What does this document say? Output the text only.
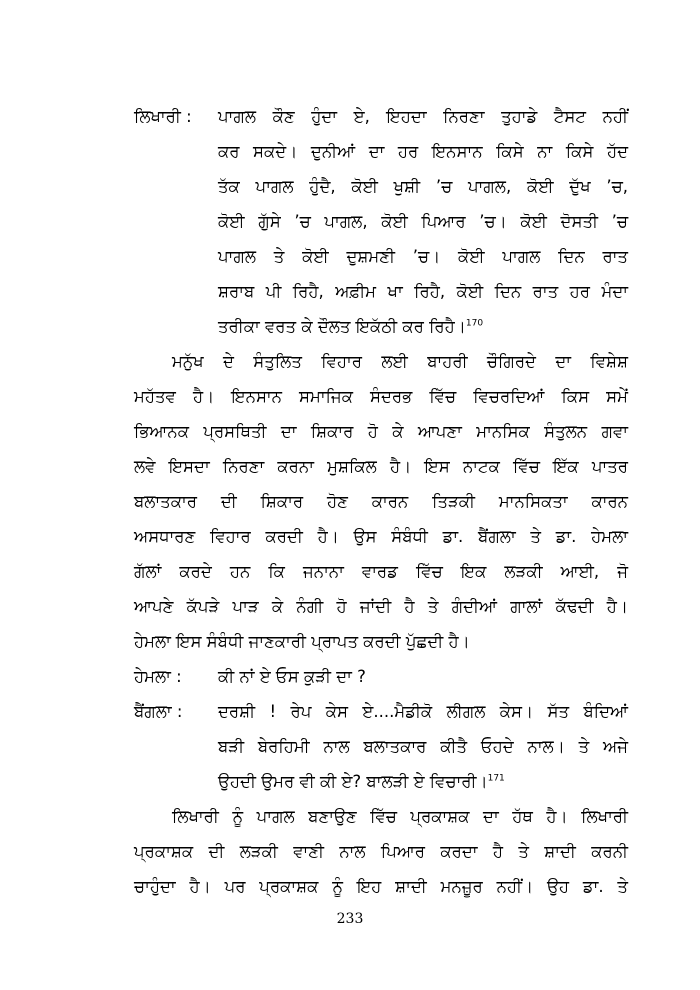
ਲਿਖਾਰੀ : ਪਾਗਲ ਕੌਣ ਹੁੰਦਾ ਏ, ਇਹਦਾ ਨਿਰਣਾ ਤੁਹਾਡੇ ਟੈਸਟ ਨਹੀਂ
ਕਰ ਸਕਦੇ। ਦੁਨੀਆਂ ਦਾ ਹਰ ਇਨਸਾਨ ਕਿਸੇ ਨਾ ਕਿਸੇ ਹੱਦ
ਤੱਕ ਪਾਗਲ ਹੁੰਦੈ, ਕੋਈ ਖੁਸ਼ੀ ’ਚ ਪਾਗਲ, ਕੋਈ ਦੁੱਖ ’ਚ,
ਕੋਈ ਗੁੱਸੇ ’ਚ ਪਾਗਲ, ਕੋਈ ਪਿਆਰ ’ਚ। ਕੋਈ ਦੋਸਤੀ ’ਚ
ਪਾਗਲ ਤੇ ਕੋਈ ਦੁਸ਼ਮਣੀ ’ਚ। ਕੋਈ ਪਾਗਲ ਦਿਨ ਰਾਤ
ਸ਼ਰਾਬ ਪੀ ਰਿਹੈ, ਅਫ਼ੀਮ ਖਾ ਰਿਹੈ, ਕੋਈ ਦਿਨ ਰਾਤ ਹਰ ਮੰਦਾ
ਤਰੀਕਾ ਵਰਤ ਕੇ ਦੌਲਤ ਇਕੱਠੀ ਕਰ ਰਿਹੈ।$^{170}$
ਮਨੁੱਖ ਦੇ ਸੰਤੁਲਿਤ ਵਿਹਾਰ ਲਈ ਬਾਹਰੀ ਚੌਗਿਰਦੇ ਦਾ ਵਿਸ਼ੇਸ਼
ਮਹੱਤਵ ਹੈ। ਇਨਸਾਨ ਸਮਾਜਿਕ ਸੰਦਰਭ ਵਿੱਚ ਵਿਚਰਦਿਆਂ ਕਿਸ ਸਮੇਂ
ਭਿਆਨਕ ਪ੍ਰਸਥਿਤੀ ਦਾ ਸ਼ਿਕਾਰ ਹੋ ਕੇ ਆਪਣਾ ਮਾਨਸਿਕ ਸੰਤੁਲਨ ਗਵਾ
ਲਵੇ ਇਸਦਾ ਨਿਰਣਾ ਕਰਨਾ ਮੁਸ਼ਕਿਲ ਹੈ। ਇਸ ਨਾਟਕ ਵਿੱਚ ਇੱਕ ਪਾਤਰ
ਬਲਾਤਕਾਰ ਦੀ ਸ਼ਿਕਾਰ ਹੋਣ ਕਾਰਨ ਤਿੜਕੀ ਮਾਨਸਿਕਤਾ ਕਾਰਨ
ਅਸਧਾਰਣ ਵਿਹਾਰ ਕਰਦੀ ਹੈ। ਉਸ ਸੰਬੰਧੀ ਡਾ. ਬੈਂਗਲਾ ਤੇ ਡਾ. ਹੇਮਲਾ
ਗੱਲਾਂ ਕਰਦੇ ਹਨ ਕਿ ਜਨਾਨਾ ਵਾਰਡ ਵਿੱਚ ਇਕ ਲੜਕੀ ਆਈ, ਜੋ
ਆਪਣੇ ਕੱਪੜੇ ਪਾੜ ਕੇ ਨੰਗੀ ਹੋ ਜਾਂਦੀ ਹੈ ਤੇ ਗੰਦੀਆਂ ਗਾਲਾਂ ਕੱਢਦੀ ਹੈ।
ਹੇਮਲਾ ਇਸ ਸੰਬੰਧੀ ਜਾਣਕਾਰੀ ਪ੍ਰਾਪਤ ਕਰਦੀ ਪੁੱਛਦੀ ਹੈ।
ਹੇਮਲਾ : ਕੀ ਨਾਂ ਏ ਓਸ ਕੁੜੀ ਦਾ ?
ਬੈਂਗਲਾ : ਦਰਸ਼ੀ ! ਰੇਪ ਕੇਸ ਏ....ਮੈਡੀਕੋ ਲੀਗਲ ਕੇਸ। ਸੱਤ ਬੰਦਿਆਂ
ਬੜੀ ਬੇਰਹਿਮੀ ਨਾਲ ਬਲਾਤਕਾਰ ਕੀਤੈ ਓਹਦੇ ਨਾਲ। ਤੇ ਅਜੇ
ਉਹਦੀ ਉਮਰ ਵੀ ਕੀ ਏ? ਬਾਲੜੀ ਏ ਵਿਚਾਰੀ।$^{171}$
ਲਿਖਾਰੀ ਨੂੰ ਪਾਗਲ ਬਣਾਉਣ ਵਿੱਚ ਪ੍ਰਕਾਸ਼ਕ ਦਾ ਹੱਥ ਹੈ। ਲਿਖਾਰੀ
ਪ੍ਰਕਾਸ਼ਕ ਦੀ ਲੜਕੀ ਵਾਣੀ ਨਾਲ ਪਿਆਰ ਕਰਦਾ ਹੈ ਤੇ ਸ਼ਾਦੀ ਕਰਨੀ
ਚਾਹੁੰਦਾ ਹੈ। ਪਰ ਪ੍ਰਕਾਸ਼ਕ ਨੂੰ ਇਹ ਸ਼ਾਦੀ ਮਨਜ਼ੂਰ ਨਹੀਂ। ਉਹ ਡਾ. ਤੇ
233
